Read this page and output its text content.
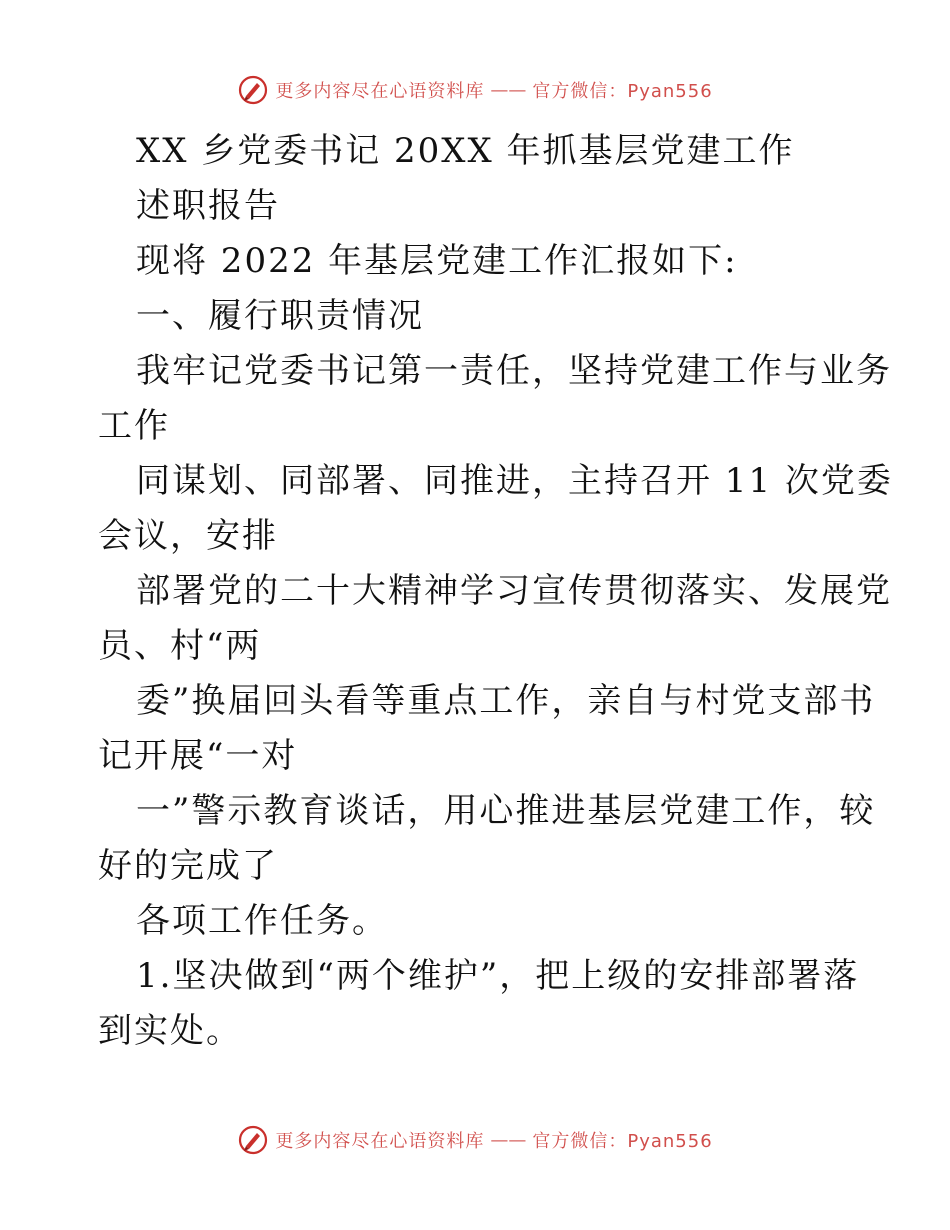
更多内容尽在心语资料库 —— 官方微信：Pyan556
XX 乡党委书记 20XX 年抓基层党建工作
述职报告
现将 2022 年基层党建工作汇报如下:
一、履行职责情况
我牢记党委书记第一责任，坚持党建工作与业务
工作
同谋划、同部署、同推进，主持召开 11 次党委
会议，安排
部署党的二十大精神学习宣传贯彻落实、发展党
员、村“两
委”换届回头看等重点工作，亲自与村党支部书
记开展“一对
一”警示教育谈话，用心推进基层党建工作，较
好的完成了
各项工作任务。
1.坚决做到“两个维护”，把上级的安排部署落
到实处。
更多内容尽在心语资料库 —— 官方微信：Pyan556
